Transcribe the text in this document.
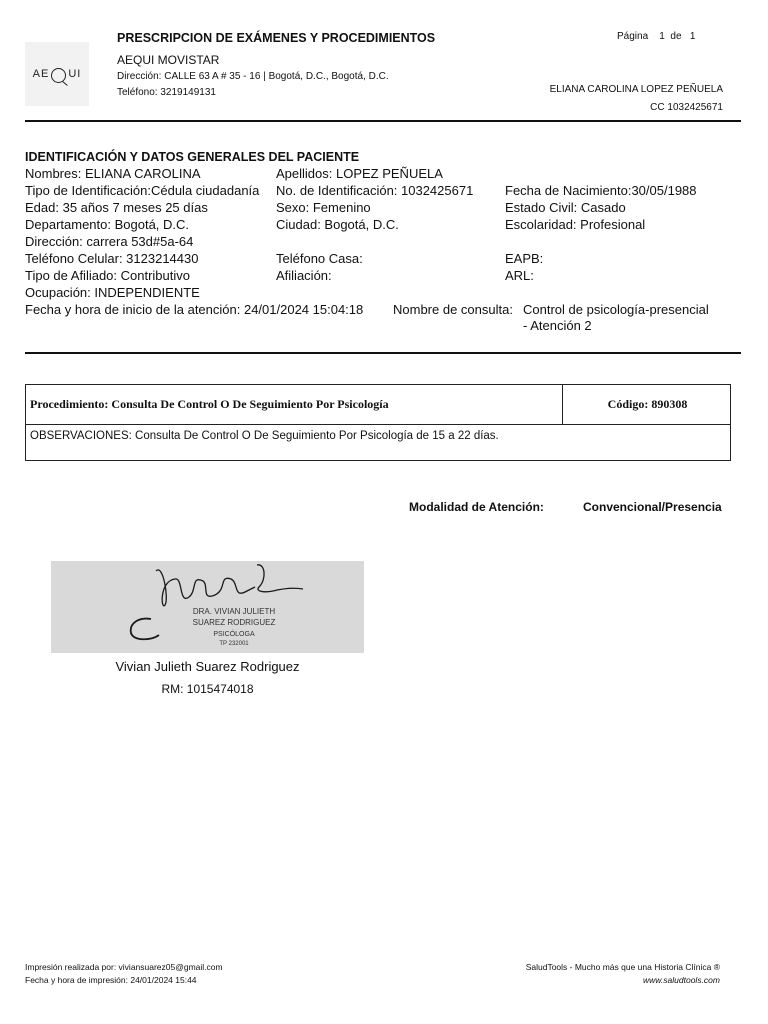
A E U I
PRESCRIPCION DE EXÁMENES Y PROCEDIMIENTOS
AEQUI MOVISTAR
Dirección: CALLE 63 A # 35 - 16 | Bogotá, D.C., Bogotá, D.C.
Teléfono: 3219149131
Página 1 de 1
ELIANA CAROLINA LOPEZ PEÑUELA
CC 1032425671
IDENTIFICACIÓN Y DATOS GENERALES DEL PACIENTE
Nombres: ELIANA CAROLINA	Apellidos: LOPEZ PEÑUELA
Tipo de Identificación:Cédula ciudadanía No. de Identificación: 1032425671 Fecha de Nacimiento:30/05/1988
Edad: 35 años 7 meses 25 días	Sexo: Femenino	Estado Civil: Casado
Departamento: Bogotá, D.C.	Ciudad: Bogotá, D.C.	Escolaridad: Profesional
Dirección: carrera 53d#5a-64
Teléfono Celular: 3123214430	Teléfono Casa:	EAPB:
Tipo de Afiliado: Contributivo	Afiliación:	ARL:
Ocupación: INDEPENDIENTE
Fecha y hora de inicio de la atención: 24/01/2024 15:04:18 Nombre de consulta: Control de psicología-presencial
- Atención 2
Procedimiento: Consulta De Control O De Seguimiento Por Psicología	Código: 890308
OBSERVACIONES: Consulta De Control O De Seguimiento Por Psicología de 15 a 22 días.
Modalidad de Atención:	Convencional/Presencia
DRA. VIVIAN JULIETH
SUAREZ RODRIGUEZ
PSICÓLOGA
TP 232001
Vivian Julieth Suarez Rodriguez
RM: 1015474018
Impresión realizada por: viviansuarez05@gmail.com
Fecha y hora de impresión: 24/01/2024 15:44
SaludTools - Mucho más que una Historia Clínica ®
www.saludtools.com
